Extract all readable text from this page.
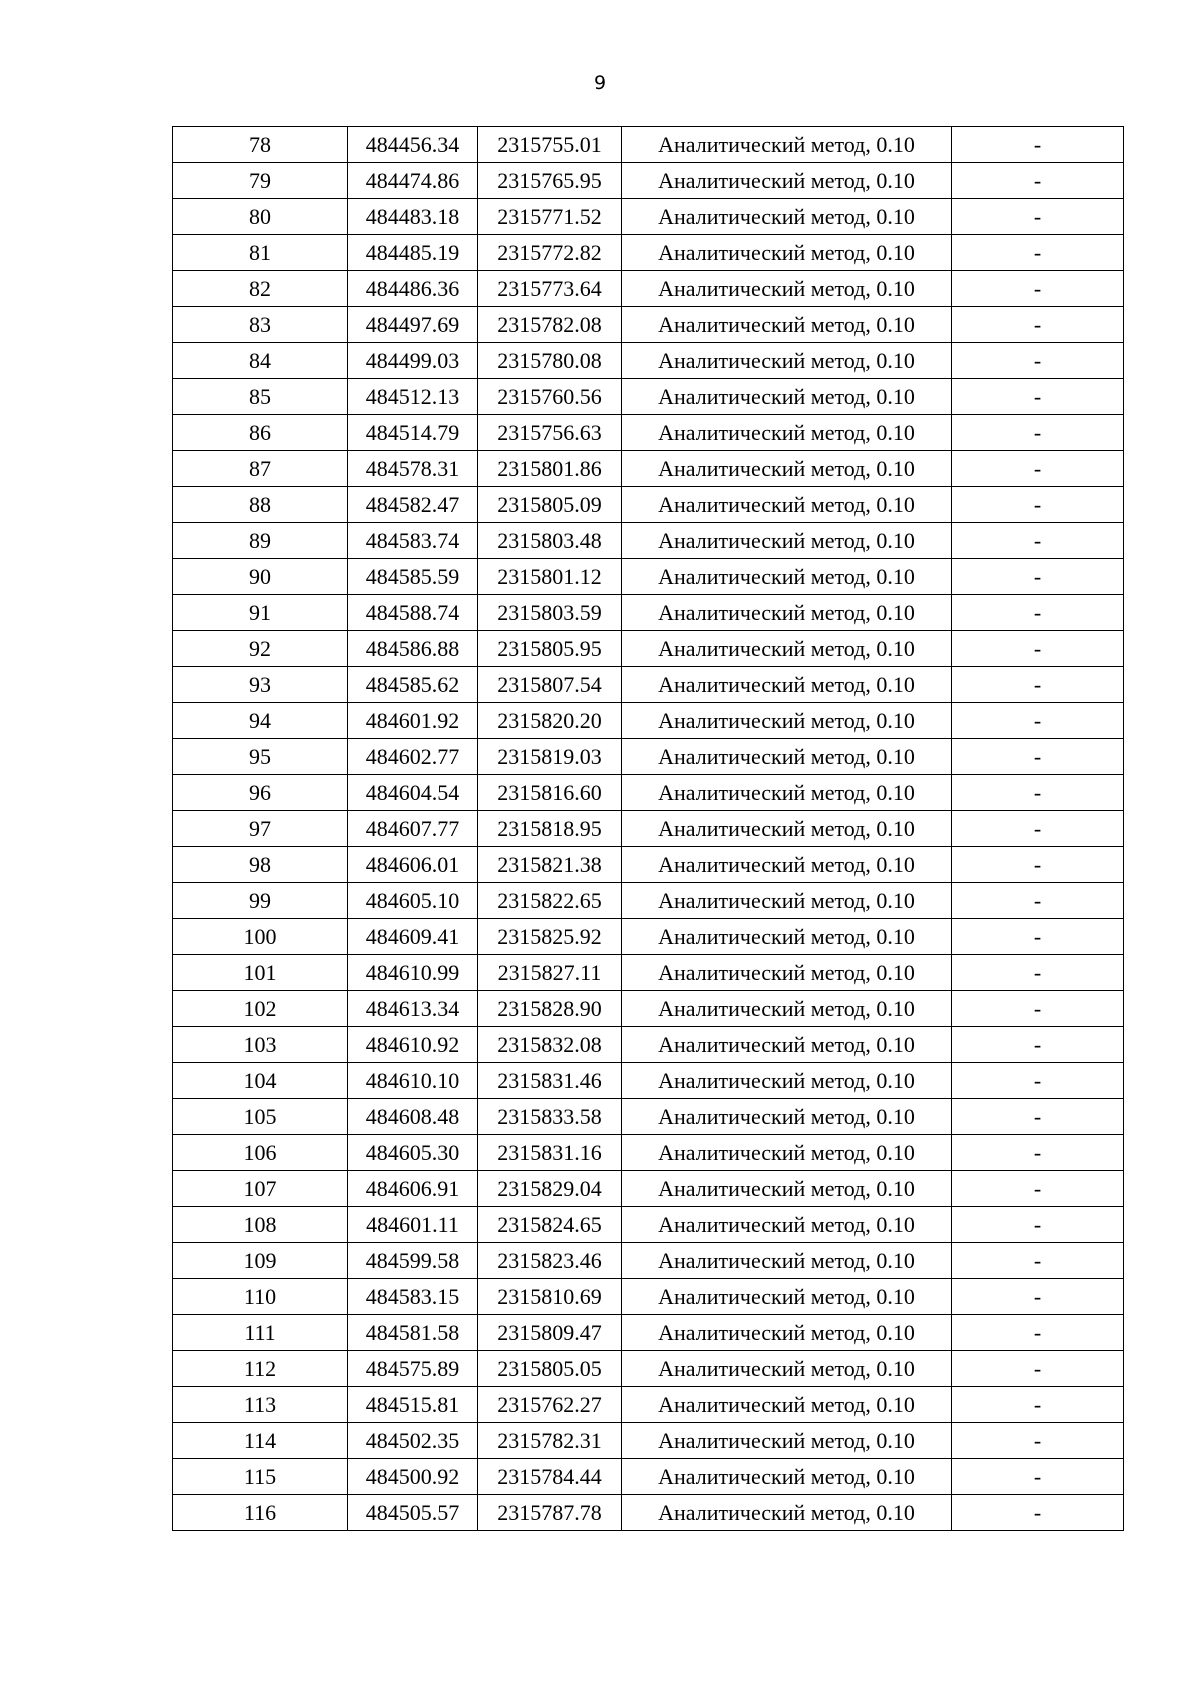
9
78	484456.34	2315755.01	Аналитический метод, 0.10	-
79	484474.86	2315765.95	Аналитический метод, 0.10	-
80	484483.18	2315771.52	Аналитический метод, 0.10	-
81	484485.19	2315772.82	Аналитический метод, 0.10	-
82	484486.36	2315773.64	Аналитический метод, 0.10	-
83	484497.69	2315782.08	Аналитический метод, 0.10	-
84	484499.03	2315780.08	Аналитический метод, 0.10	-
85	484512.13	2315760.56	Аналитический метод, 0.10	-
86	484514.79	2315756.63	Аналитический метод, 0.10	-
87	484578.31	2315801.86	Аналитический метод, 0.10	-
88	484582.47	2315805.09	Аналитический метод, 0.10	-
89	484583.74	2315803.48	Аналитический метод, 0.10	-
90	484585.59	2315801.12	Аналитический метод, 0.10	-
91	484588.74	2315803.59	Аналитический метод, 0.10	-
92	484586.88	2315805.95	Аналитический метод, 0.10	-
93	484585.62	2315807.54	Аналитический метод, 0.10	-
94	484601.92	2315820.20	Аналитический метод, 0.10	-
95	484602.77	2315819.03	Аналитический метод, 0.10	-
96	484604.54	2315816.60	Аналитический метод, 0.10	-
97	484607.77	2315818.95	Аналитический метод, 0.10	-
98	484606.01	2315821.38	Аналитический метод, 0.10	-
99	484605.10	2315822.65	Аналитический метод, 0.10	-
100	484609.41	2315825.92	Аналитический метод, 0.10	-
101	484610.99	2315827.11	Аналитический метод, 0.10	-
102	484613.34	2315828.90	Аналитический метод, 0.10	-
103	484610.92	2315832.08	Аналитический метод, 0.10	-
104	484610.10	2315831.46	Аналитический метод, 0.10	-
105	484608.48	2315833.58	Аналитический метод, 0.10	-
106	484605.30	2315831.16	Аналитический метод, 0.10	-
107	484606.91	2315829.04	Аналитический метод, 0.10	-
108	484601.11	2315824.65	Аналитический метод, 0.10	-
109	484599.58	2315823.46	Аналитический метод, 0.10	-
110	484583.15	2315810.69	Аналитический метод, 0.10	-
111	484581.58	2315809.47	Аналитический метод, 0.10	-
112	484575.89	2315805.05	Аналитический метод, 0.10	-
113	484515.81	2315762.27	Аналитический метод, 0.10	-
114	484502.35	2315782.31	Аналитический метод, 0.10	-
115	484500.92	2315784.44	Аналитический метод, 0.10	-
116	484505.57	2315787.78	Аналитический метод, 0.10	-
